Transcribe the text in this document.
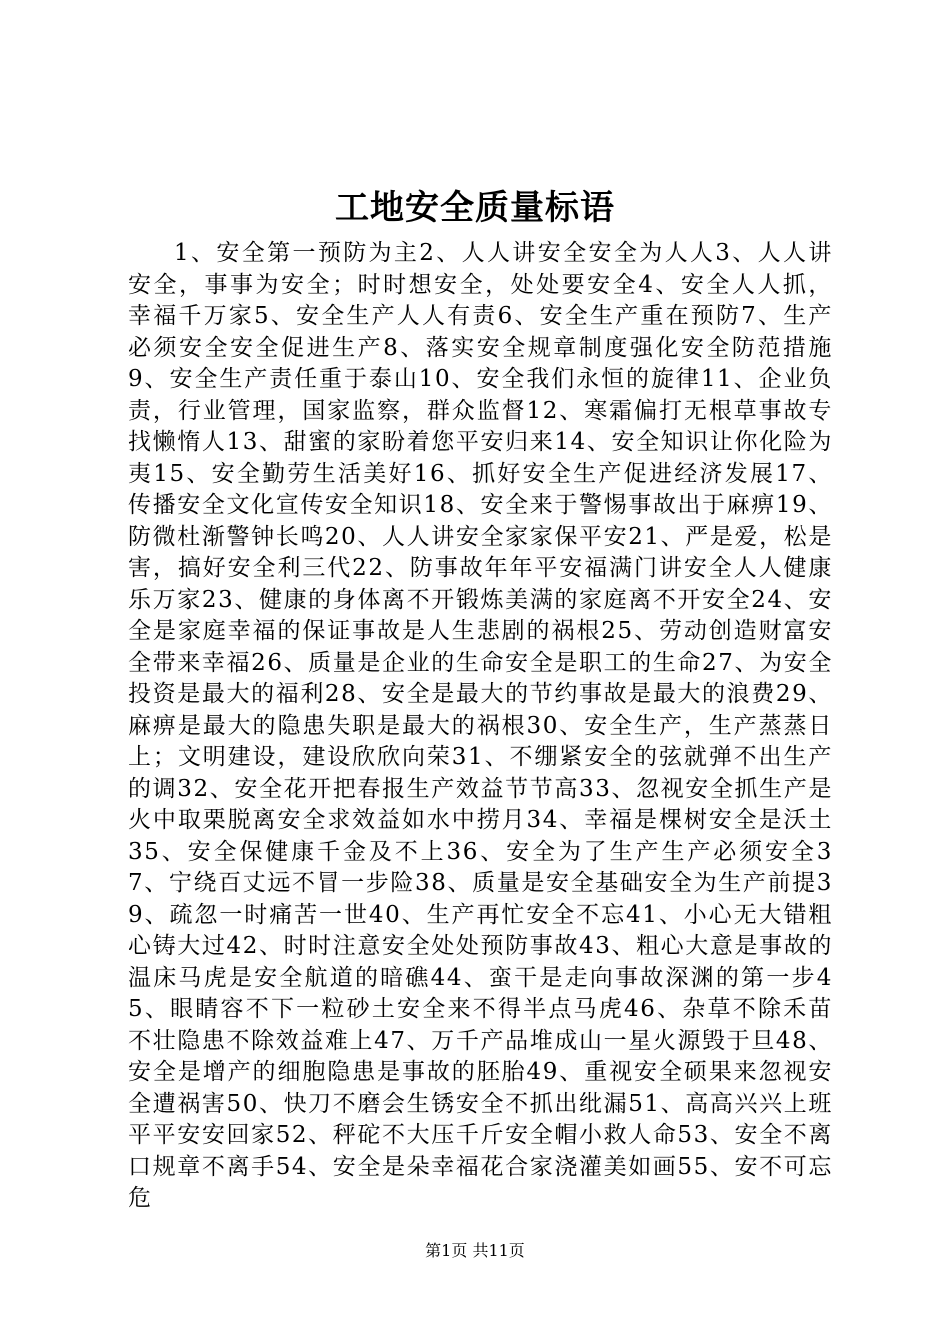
工地安全质量标语

1、安全第一预防为主2、人人讲安全安全为人人3、人人讲安全，事事为安全；时时想安全，处处要安全4、安全人人抓，幸福千万家5、安全生产人人有责6、安全生产重在预防7、生产必须安全安全促进生产8、落实安全规章制度强化安全防范措施9、安全生产责任重于泰山10、安全我们永恒的旋律11、企业负责，行业管理，国家监察，群众监督12、寒霜偏打无根草事故专找懒惰人13、甜蜜的家盼着您平安归来14、安全知识让你化险为夷15、安全勤劳生活美好16、抓好安全生产促进经济发展17、传播安全文化宣传安全知识18、安全来于警惕事故出于麻痹19、防微杜渐警钟长鸣20、人人讲安全家家保平安21、严是爱，松是害，搞好安全利三代22、防事故年年平安福满门讲安全人人健康乐万家23、健康的身体离不开锻炼美满的家庭离不开安全24、安全是家庭幸福的保证事故是人生悲剧的祸根25、劳动创造财富安全带来幸福26、质量是企业的生命安全是职工的生命27、为安全投资是最大的福利28、安全是最大的节约事故是最大的浪费29、麻痹是最大的隐患失职是最大的祸根30、安全生产，生产蒸蒸日上；文明建设，建设欣欣向荣31、不绷紧安全的弦就弹不出生产的调32、安全花开把春报生产效益节节高33、忽视安全抓生产是火中取栗脱离安全求效益如水中捞月34、幸福是棵树安全是沃土35、安全保健康千金及不上36、安全为了生产生产必须安全37、宁绕百丈远不冒一步险38、质量是安全基础安全为生产前提39、疏忽一时痛苦一世40、生产再忙安全不忘41、小心无大错粗心铸大过42、时时注意安全处处预防事故43、粗心大意是事故的温床马虎是安全航道的暗礁44、蛮干是走向事故深渊的第一步45、眼睛容不下一粒砂土安全来不得半点马虎46、杂草不除禾苗不壮隐患不除效益难上47、万千产品堆成山一星火源毁于旦48、安全是增产的细胞隐患是事故的胚胎49、重视安全硕果来忽视安全遭祸害50、快刀不磨会生锈安全不抓出纰漏51、高高兴兴上班平平安安回家52、秤砣不大压千斤安全帽小救人命53、安全不离口规章不离手54、安全是朵幸福花合家浇灌美如画55、安不可忘危

第1页 共11页
